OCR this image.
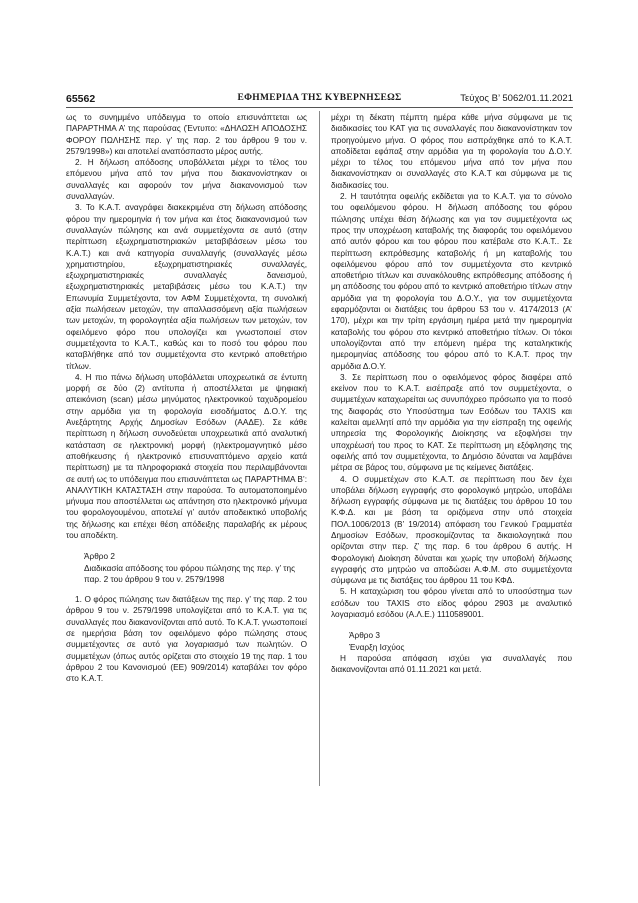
65562	ΕΦΗΜΕΡΙΔΑ ΤΗΣ ΚΥΒΕΡΝΗΣΕΩΣ	Τεύχος B’ 5062/01.11.2021

ως το συνημμένο υπόδειγμα το οποίο επισυνάπτεται ως ΠΑΡΑΡΤΗΜΑ Α’ της παρούσας (Έντυπο: «ΔΗΛΩΣΗ ΑΠΟΔΟΣΗΣ ΦΟΡΟΥ ΠΩΛΗΣΗΣ περ. γ’ της παρ. 2 του άρθρου 9 του ν. 2579/1998») και αποτελεί αναπόσπαστο μέρος αυτής.

2. Η δήλωση απόδοσης υποβάλλεται μέχρι το τέλος του επόμενου μήνα από τον μήνα που διακανονίστηκαν οι συναλλαγές και αφορούν τον μήνα διακανονισμού των συναλλαγών.

3. Το Κ.Α.Τ. αναγράφει διακεκριμένα στη δήλωση απόδοσης φόρου την ημερομηνία ή τον μήνα και έτος διακανονισμού των συναλλαγών πώλησης και ανά συμμετέχοντα σε αυτό (στην περίπτωση εξωχρηματιστηριακών μεταβιβάσεων μέσω του Κ.Α.Τ.) και ανά κατηγορία συναλλαγής (συναλλαγές μέσω χρηματιστηρίου, εξωχρηματιστηριακές συναλλαγές, εξωχρηματιστηριακές συναλλαγές δανεισμού, εξωχρηματιστηριακές μεταβιβάσεις μέσω του Κ.Α.Τ.) την Επωνυμία Συμμετέχοντα, τον ΑΦΜ Συμμετέχοντα, τη συνολική αξία πωλήσεων μετοχών, την απαλλασσόμενη αξία πωλήσεων των μετοχών, τη φορολογητέα αξία πωλήσεων των μετοχών, τον οφειλόμενο φόρο που υπολογίζει και γνωστοποιεί στον συμμετέχοντα το Κ.Α.Τ., καθώς και το ποσό του φόρου που καταβλήθηκε από τον συμμετέχοντα στο κεντρικό αποθετήριο τίτλων.

4. Η πιο πάνω δήλωση υποβάλλεται υποχρεωτικά σε έντυπη μορφή σε δύο (2) αντίτυπα ή αποστέλλεται με ψηφιακή απεικόνιση (scan) μέσω μηνύματος ηλεκτρονικού ταχυδρομείου στην αρμόδια για τη φορολογία εισοδήματος Δ.Ο.Υ. της Ανεξάρτητης Αρχής Δημοσίων Εσόδων (ΑΑΔΕ). Σε κάθε περίπτωση η δήλωση συνοδεύεται υποχρεωτικά από αναλυτική κατάσταση σε ηλεκτρονική μορφή (ηλεκτρομαγνητικό μέσο αποθήκευσης ή ηλεκτρονικό επισυναπτόμενο αρχείο κατά περίπτωση) με τα πληροφοριακά στοιχεία που περιλαμβάνονται σε αυτή ως το υπόδειγμα που επισυνάπτεται ως ΠΑΡΑΡΤΗΜΑ Β’: ΑΝΑΛΥΤΙΚΗ ΚΑΤΑΣΤΑΣΗ στην παρούσα. Το αυτοματοποιημένο μήνυμα που αποστέλλεται ως απάντηση στο ηλεκτρονικό μήνυμα του φορολογουμένου, αποτελεί γι’ αυτόν αποδεικτικό υποβολής της δήλωσης και επέχει θέση απόδειξης παραλαβής εκ μέρους του αποδέκτη.

Άρθρο 2
Διαδικασία απόδοσης του φόρου πώλησης της περ. γ’ της παρ. 2 του άρθρου 9 του ν. 2579/1998

1. Ο φόρος πώλησης των διατάξεων της περ. γ’ της παρ. 2 του άρθρου 9 του ν. 2579/1998 υπολογίζεται από το Κ.Α.Τ. για τις συναλλαγές που διακανονίζονται από αυτό. Το Κ.Α.Τ. γνωστοποιεί σε ημερήσια βάση τον οφειλόμενο φόρο πώλησης στους συμμετέχοντες σε αυτό για λογαριασμό των πωλητών. Ο συμμετέχων (όπως αυτός ορίζεται στο στοιχείο 19 της παρ. 1 του άρθρου 2 του Κανονισμού (ΕΕ) 909/2014) καταβάλει τον φόρο στο Κ.Α.Τ.

μέχρι τη δέκατη πέμπτη ημέρα κάθε μήνα σύμφωνα με τις διαδικασίες του ΚΑΤ για τις συναλλαγές που διακανονίστηκαν τον προηγούμενο μήνα. Ο φόρος που εισπράχθηκε από το Κ.Α.Τ. αποδίδεται εφάπαξ στην αρμόδια για τη φορολογία του Δ.Ο.Υ. μέχρι το τέλος του επόμενου μήνα από τον μήνα που διακανονίστηκαν οι συναλλαγές στο Κ.Α.Τ και σύμφωνα με τις διαδικασίες του.

2. Η ταυτότητα οφειλής εκδίδεται για το Κ.Α.Τ. για το σύνολο του οφειλόμενου φόρου. Η δήλωση απόδοσης του φόρου πώλησης υπέχει θέση δήλωσης και για τον συμμετέχοντα ως προς την υποχρέωση καταβολής της διαφοράς του οφειλόμενου από αυτόν φόρου και του φόρου που κατέβαλε στο Κ.Α.Τ.. Σε περίπτωση εκπρόθεσμης καταβολής ή μη καταβολής του οφειλόμενου φόρου από τον συμμετέχοντα στο κεντρικό αποθετήριο τίτλων και συνακόλουθης εκπρόθεσμης απόδοσης ή μη απόδοσης του φόρου από το κεντρικό αποθετήριο τίτλων στην αρμόδια για τη φορολογία του Δ.Ο.Υ., για τον συμμετέχοντα εφαρμόζονται οι διατάξεις του άρθρου 53 του ν. 4174/2013 (Α’ 170), μέχρι και την τρίτη εργάσιμη ημέρα μετά την ημερομηνία καταβολής του φόρου στο κεντρικό αποθετήριο τίτλων. Οι τόκοι υπολογίζονται από την επόμενη ημέρα της καταληκτικής ημερομηνίας απόδοσης του φόρου από το Κ.Α.Τ. προς την αρμόδια Δ.Ο.Υ.

3. Σε περίπτωση που ο οφειλόμενος φόρος διαφέρει από εκείνον που το Κ.Α.Τ. εισέπραξε από τον συμμετέχοντα, ο συμμετέχων καταχωρείται ως συνυπόχρεο πρόσωπο για το ποσό της διαφοράς στο Υποσύστημα των Εσόδων του TAXIS και καλείται αμελλητί από την αρμόδια για την είσπραξη της οφειλής υπηρεσία της Φορολογικής Διοίκησης να εξοφλήσει την υποχρέωσή του προς το ΚΑΤ. Σε περίπτωση μη εξόφλησης της οφειλής από τον συμμετέχοντα, το Δημόσιο δύναται να λαμβάνει μέτρα σε βάρος του, σύμφωνα με τις κείμενες διατάξεις.

4. Ο συμμετέχων στο Κ.Α.Τ. σε περίπτωση που δεν έχει υποβάλει δήλωση εγγραφής στο φορολογικό μητρώο, υποβάλει δήλωση εγγραφής σύμφωνα με τις διατάξεις του άρθρου 10 του Κ.Φ.Δ. και με βάση τα οριζόμενα στην υπό στοιχεία ΠΟΛ.1006/2013 (Β’ 19/2014) απόφαση του Γενικού Γραμματέα Δημοσίων Εσόδων, προσκομίζοντας τα δικαιολογητικά που ορίζονται στην περ. ζ’ της παρ. 6 του άρθρου 6 αυτής. Η Φορολογική Διοίκηση δύναται και χωρίς την υποβολή δήλωσης εγγραφής στο μητρώο να αποδώσει Α.Φ.Μ. στο συμμετέχοντα σύμφωνα με τις διατάξεις του άρθρου 11 του ΚΦΔ.

5. Η καταχώριση του φόρου γίνεται από το υποσύστημα των εσόδων του TAXIS στο είδος φόρου 2903 με αναλυτικό λογαριασμό εσόδου (Α.Λ.Ε.) 1110589001.

Άρθρο 3
Έναρξη Ισχύος

Η παρούσα απόφαση ισχύει για συναλλαγές που διακανονίζονται από 01.11.2021 και μετά.
